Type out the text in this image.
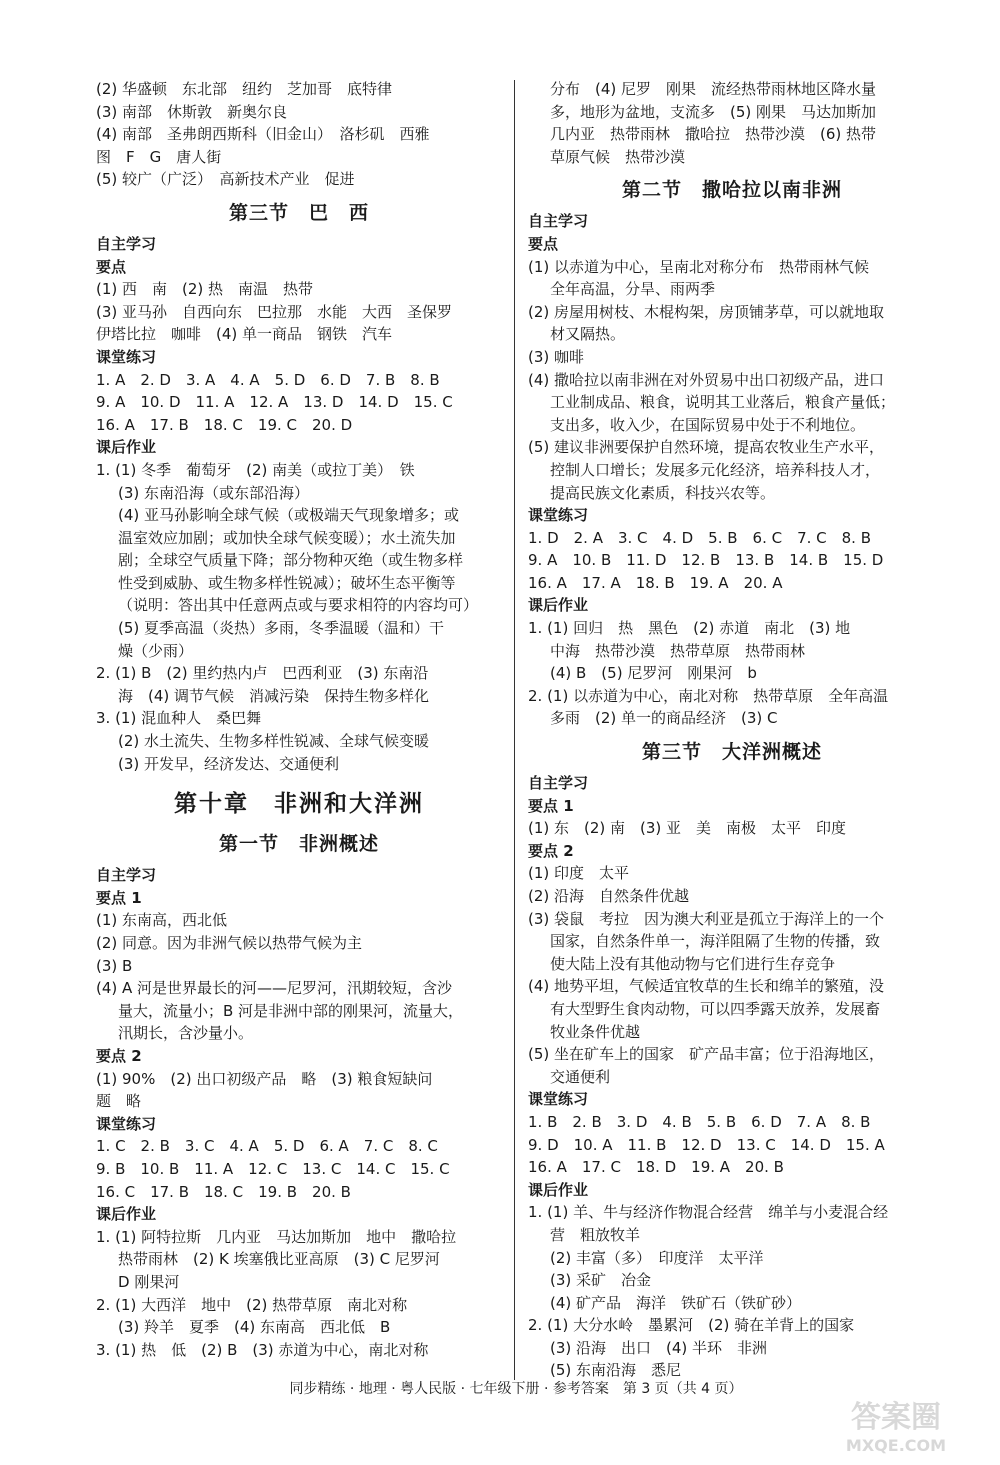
(2) 华盛顿　东北部　纽约　芝加哥　底特律
(3) 南部　休斯敦　新奥尔良
(4) 南部　圣弗朗西斯科（旧金山）　洛杉矶　西雅
图　F　G　唐人街
(5) 较广（广泛）　高新技术产业　促进
第三节　巴　西
自主学习
要点
(1) 西　南　(2) 热　南温　热带
(3) 亚马孙　自西向东　巴拉那　水能　大西　圣保罗
伊塔比拉　咖啡　(4) 单一商品　钢铁　汽车
课堂练习
1. A　2. D　3. A　4. A　5. D　6. D　7. B　8. B
9. A　10. D　11. A　12. A　13. D　14. D　15. C
16. A　17. B　18. C　19. C　20. D
课后作业
1. (1) 冬季　葡萄牙　(2) 南美（或拉丁美）　铁
(3) 东南沿海（或东部沿海）
(4) 亚马孙影响全球气候（或极端天气现象增多；或
温室效应加剧；或加快全球气候变暖）；水土流失加
剧；全球空气质量下降；部分物种灭绝（或生物多样
性受到威胁、或生物多样性锐减）；破坏生态平衡等
（说明：答出其中任意两点或与要求相符的内容均可）
(5) 夏季高温（炎热）多雨，冬季温暖（温和）干
燥（少雨）
2. (1) B　(2) 里约热内卢　巴西利亚　(3) 东南沿
海　(4) 调节气候　消减污染　保持生物多样化
3. (1) 混血种人　桑巴舞
(2) 水土流失、生物多样性锐减、全球气候变暖
(3) 开发早，经济发达、交通便利
第十章　非洲和大洋洲
第一节　非洲概述
自主学习
要点 1
(1) 东南高，西北低
(2) 同意。因为非洲气候以热带气候为主
(3) B
(4) A 河是世界最长的河——尼罗河，汛期较短，含沙
量大，流量小；B 河是非洲中部的刚果河，流量大，
汛期长，含沙量小。
要点 2
(1) 90%　(2) 出口初级产品　略　(3) 粮食短缺问
题　略
课堂练习
1. C　2. B　3. C　4. A　5. D　6. A　7. C　8. C
9. B　10. B　11. A　12. C　13. C　14. C　15. C
16. C　17. B　18. C　19. B　20. B
课后作业
1. (1) 阿特拉斯　几内亚　马达加斯加　地中　撒哈拉
热带雨林　(2) K 埃塞俄比亚高原　(3) C 尼罗河
D 刚果河
2. (1) 大西洋　地中　(2) 热带草原　南北对称
(3) 羚羊　夏季　(4) 东南高　西北低　B
3. (1) 热　低　(2) B　(3) 赤道为中心，南北对称
分布　(4) 尼罗　刚果　流经热带雨林地区降水量
多，地形为盆地，支流多　(5) 刚果　马达加斯加
几内亚　热带雨林　撒哈拉　热带沙漠　(6) 热带
草原气候　热带沙漠
第二节　撒哈拉以南非洲
自主学习
要点
(1) 以赤道为中心，呈南北对称分布　热带雨林气候
全年高温，分旱、雨两季
(2) 房屋用树枝、木棍构架，房顶铺茅草，可以就地取
材又隔热。
(3) 咖啡
(4) 撒哈拉以南非洲在对外贸易中出口初级产品，进口
工业制成品、粮食，说明其工业落后，粮食产量低；
支出多，收入少，在国际贸易中处于不利地位。
(5) 建议非洲要保护自然环境，提高农牧业生产水平，
控制人口增长；发展多元化经济，培养科技人才，
提高民族文化素质，科技兴农等。
课堂练习
1. D　2. A　3. C　4. D　5. B　6. C　7. C　8. B
9. A　10. B　11. D　12. B　13. B　14. B　15. D
16. A　17. A　18. B　19. A　20. A
课后作业
1. (1) 回归　热　黑色　(2) 赤道　南北　(3) 地
中海　热带沙漠　热带草原　热带雨林
(4) B　(5) 尼罗河　刚果河　b
2. (1) 以赤道为中心，南北对称　热带草原　全年高温
多雨　(2) 单一的商品经济　(3) C
第三节　大洋洲概述
自主学习
要点 1
(1) 东　(2) 南　(3) 亚　美　南极　太平　印度
要点 2
(1) 印度　太平
(2) 沿海　自然条件优越
(3) 袋鼠　考拉　因为澳大利亚是孤立于海洋上的一个
国家，自然条件单一，海洋阻隔了生物的传播，致
使大陆上没有其他动物与它们进行生存竞争
(4) 地势平坦，气候适宜牧草的生长和绵羊的繁殖，没
有大型野生食肉动物，可以四季露天放养，发展畜
牧业条件优越
(5) 坐在矿车上的国家　矿产品丰富；位于沿海地区，
交通便利
课堂练习
1. B　2. B　3. D　4. B　5. B　6. D　7. A　8. B
9. D　10. A　11. B　12. D　13. C　14. D　15. A
16. A　17. C　18. D　19. A　20. B
课后作业
1. (1) 羊、牛与经济作物混合经营　绵羊与小麦混合经
营　粗放牧羊
(2) 丰富（多）　印度洋　太平洋
(3) 采矿　冶金
(4) 矿产品　海洋　铁矿石（铁矿砂）
2. (1) 大分水岭　墨累河　(2) 骑在羊背上的国家
(3) 沿海　出口　(4) 半环　非洲
(5) 东南沿海　悉尼
同步精练 · 地理 · 粤人民版 · 七年级下册 · 参考答案　第 3 页（共 4 页）
答案圈
MXQE.COM
